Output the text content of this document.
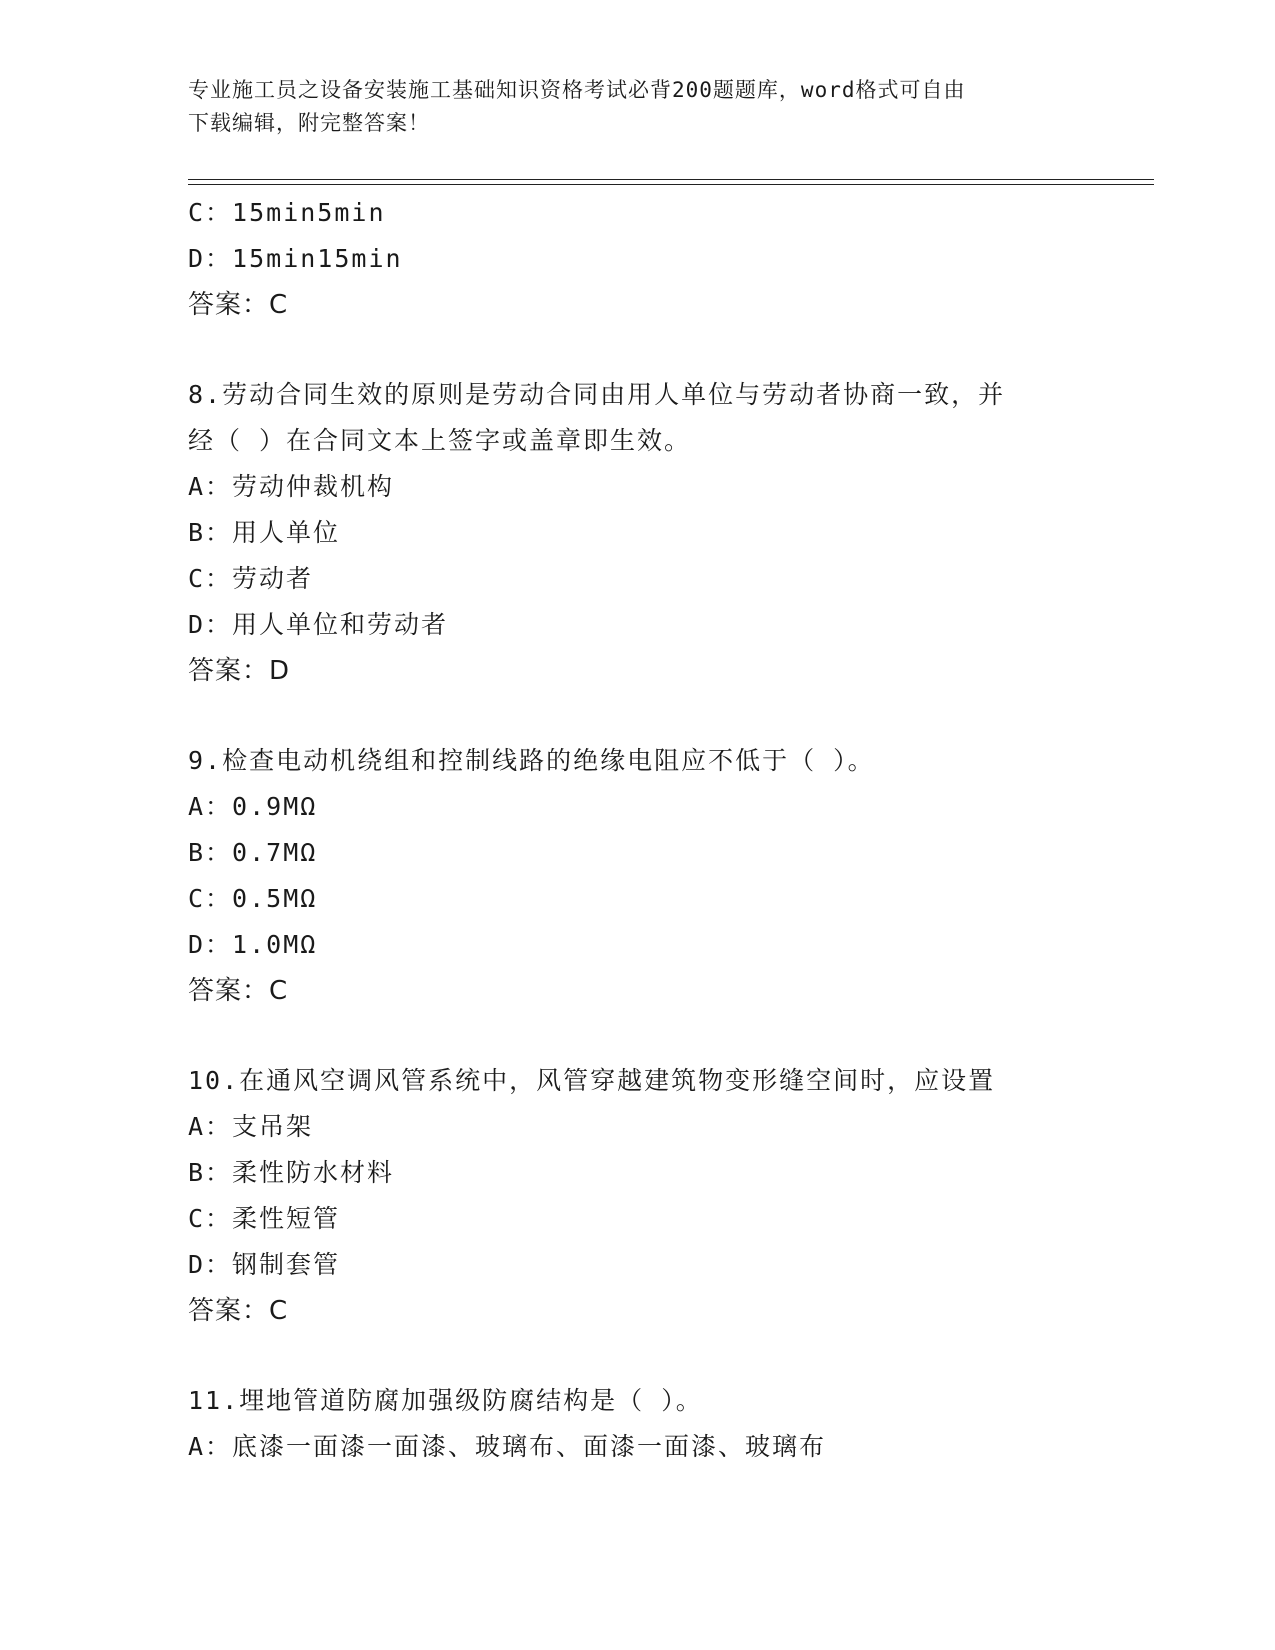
专业施工员之设备安装施工基础知识资格考试必背200题题库，word格式可自由
下载编辑，附完整答案！
C：15min5min
D：15min15min
答案：C
8.劳动合同生效的原则是劳动合同由用人单位与劳动者协商一致，并
经（ ）在合同文本上签字或盖章即生效。
A：劳动仲裁机构
B：用人单位
C：劳动者
D：用人单位和劳动者
答案：D
9.检查电动机绕组和控制线路的绝缘电阻应不低于（ ）。
A：0.9MΩ
B：0.7MΩ
C：0.5MΩ
D：1.0MΩ
答案：C
10.在通风空调风管系统中，风管穿越建筑物变形缝空间时，应设置
A：支吊架
B：柔性防水材料
C：柔性短管
D：钢制套管
答案：C
11.埋地管道防腐加强级防腐结构是（ ）。
A：底漆一面漆一面漆、玻璃布、面漆一面漆、玻璃布
